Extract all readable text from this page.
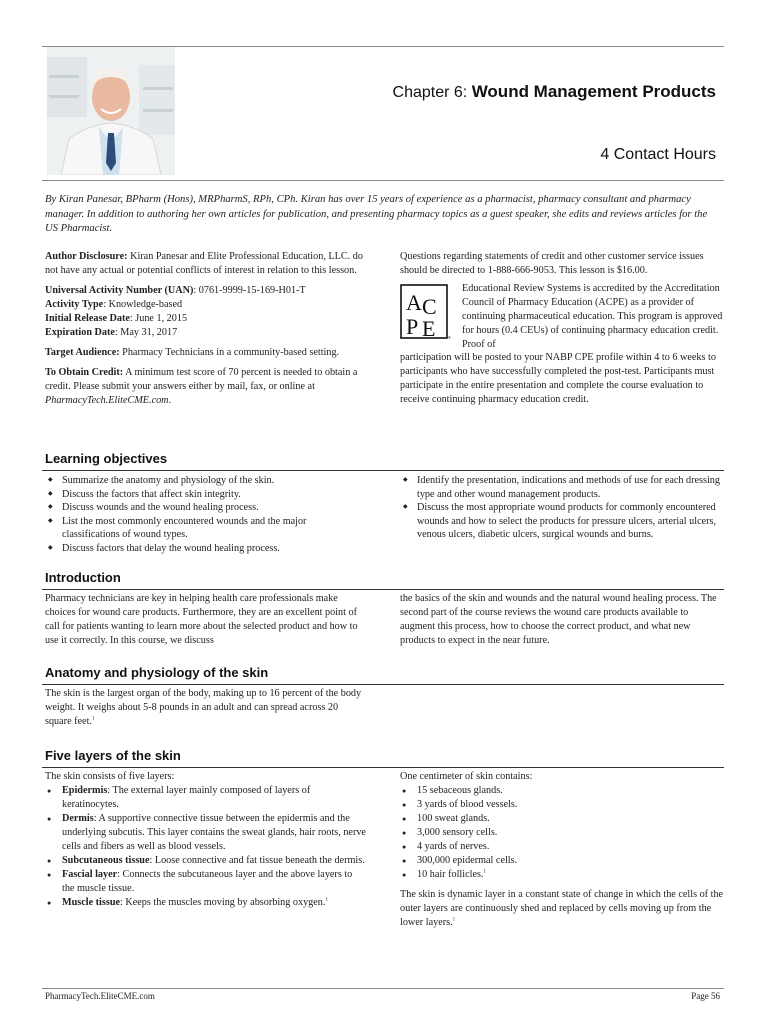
Chapter 6: Wound Management Products
4 Contact Hours
By Kiran Panesar, BPharm (Hons), MRPharmS, RPh, CPh. Kiran has over 15 years of experience as a pharmacist, pharmacy consultant and pharmacy manager. In addition to authoring her own articles for publication, and presenting pharmacy topics as a guest speaker, she edits and reviews articles for the US Pharmacist.

Author Disclosure: Kiran Panesar and Elite Professional Education, LLC. do not have any actual or potential conflicts of interest in relation to this lesson.

Universal Activity Number (UAN): 0761-9999-15-169-H01-T

Activity Type: Knowledge-based

Initial Release Date: June 1, 2015

Expiration Date: May 31, 2017

Target Audience: Pharmacy Technicians in a community-based setting.

To Obtain Credit: A minimum test score of 70 percent is needed to obtain a credit. Please submit your answers either by mail, fax, or online at PharmacyTech.EliteCME.com.

Questions regarding statements of credit and other customer service issues should be directed to 1-888-666-9053. This lesson is $16.00.
A C
P E	®
Educational Review Systems is accredited by the Accreditation Council of Pharmacy Education (ACPE) as a provider of continuing pharmaceutical education. This program is approved for hours (0.4 CEUs) of continuing pharmacy education credit. Proof of
participation will be posted to your NABP CPE profile within 4 to 6 weeks to participants who have successfully completed the post-test. Participants must participate in the entire presentation and complete the course evaluation to receive continuing pharmacy education credit.
Learning objectives
◆ Summarize the anatomy and physiology of the skin.
◆ Discuss the factors that affect skin integrity.
◆ Discuss wounds and the wound healing process.
◆ List the most commonly encountered wounds and the major classifications of wound types.
◆ Discuss factors that delay the wound healing process.
◆ Identify the presentation, indications and methods of use for each dressing type and other wound management products.
◆ Discuss the most appropriate wound products for commonly encountered wounds and how to select the products for pressure ulcers, arterial ulcers, venous ulcers, diabetic ulcers, surgical wounds and burns.
Introduction
Pharmacy technicians are key in helping health care professionals make choices for wound care products. Furthermore, they are an excellent point of call for patients wanting to learn more about the selected product and how to use it correctly. In this course, we discuss
the basics of the skin and wounds and the natural wound healing process. The second part of the course reviews the wound care products available to augment this process, how to choose the correct product, and what new products to expect in the near future.
Anatomy and physiology of the skin
The skin is the largest organ of the body, making up to 16 percent of the body weight. It weighs about 5-8 pounds in an adult and can spread across 20 square feet.$^1$
Five layers of the skin

The skin consists of five layers:

● Epidermis: The external layer mainly composed of layers of keratinocytes.
● Dermis: A supportive connective tissue between the epidermis and the underlying subcutis. This layer contains the sweat glands, hair roots, nerve cells and fibers as well as blood vessels.
● Subcutaneous tissue: Loose connective and fat tissue beneath the dermis.
● Fascial layer: Connects the subcutaneous layer and the above layers to the muscle tissue.
● Muscle tissue: Keeps the muscles moving by absorbing oxygen.$^1$

One centimeter of skin contains:

● 15 sebaceous glands.
● 3 yards of blood vessels.
● 100 sweat glands.
● 3,000 sensory cells.
● 4 yards of nerves.
● 300,000 epidermal cells.
● 10 hair follicles.$^1$

The skin is dynamic layer in a constant state of change in which the cells of the outer layers are continuously shed and replaced by cells moving up from the lower layers.$^1$

PharmacyTech.EliteCME.com	Page 56
